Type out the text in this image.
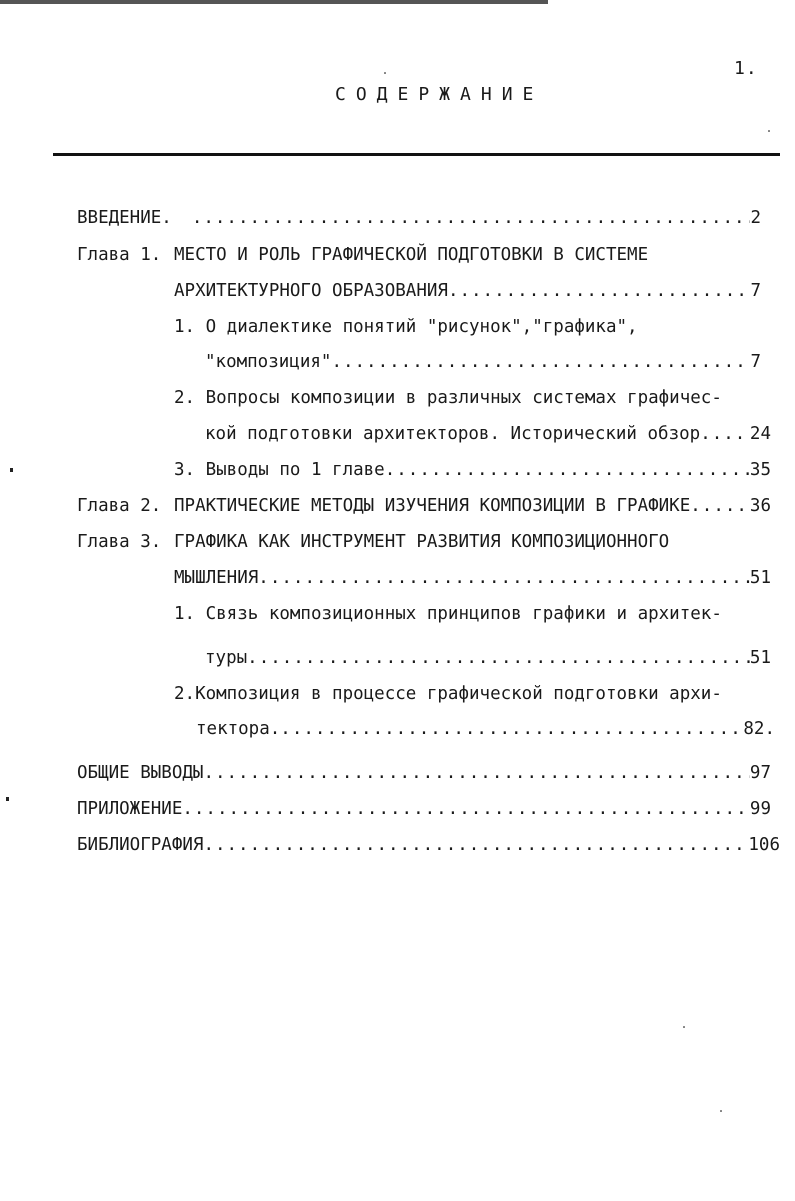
1.
СОДЕРЖАНИЕ
ВВЕДЕНИЕ. .....	2
Глава 1. МЕСТО И РОЛЬ ГРАФИЧЕСКОЙ ПОДГОТОВКИ В СИСТЕМЕ
АРХИТЕКТУРНОГО ОБРАЗОВАНИЯ .....	7
1. О диалектике понятий "рисунок","графика",
"композиция" .....	7
2. Вопросы композиции в различных системах графичес-
кой подготовки архитекторов. Исторический обзор .....	24
3. Выводы по 1 главе .....	35
Глава 2. ПРАКТИЧЕСКИЕ МЕТОДЫ ИЗУЧЕНИЯ КОМПОЗИЦИИ В ГРАФИКЕ .....	36
Глава 3. ГРАФИКА КАК ИНСТРУМЕНТ РАЗВИТИЯ КОМПОЗИЦИОННОГО
МЫШЛЕНИЯ .....	51
1. Связь композиционных принципов графики и архитек-
туры .....	51
2.Композиция в процессе графической подготовки архи-
тектора. .....	82.
ОБЩИЕ ВЫВОДЫ .....	97
ПРИЛОЖЕНИЕ .....	99
БИБЛИОГРАФИЯ .....	106
